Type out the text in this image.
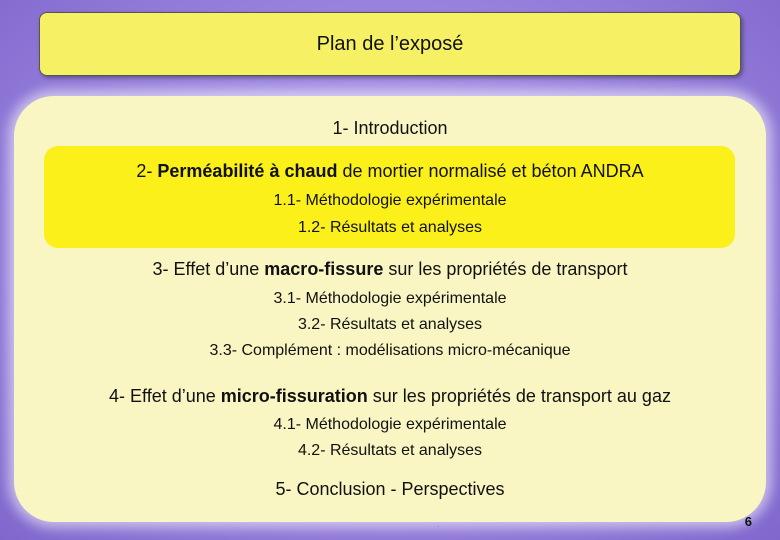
Plan de l’exposé
1- Introduction
2- Perméabilité à chaud de mortier normalisé et béton ANDRA
1.1- Méthodologie expérimentale
1.2- Résultats et analyses
3- Effet d’une macro-fissure sur les propriétés de transport
3.1- Méthodologie expérimentale
3.2- Résultats et analyses
3.3- Complément : modélisations micro-mécanique
4- Effet d’une micro-fissuration sur les propriétés de transport au gaz
4.1- Méthodologie expérimentale
4.2- Résultats et analyses
5- Conclusion - Perspectives
.	6
